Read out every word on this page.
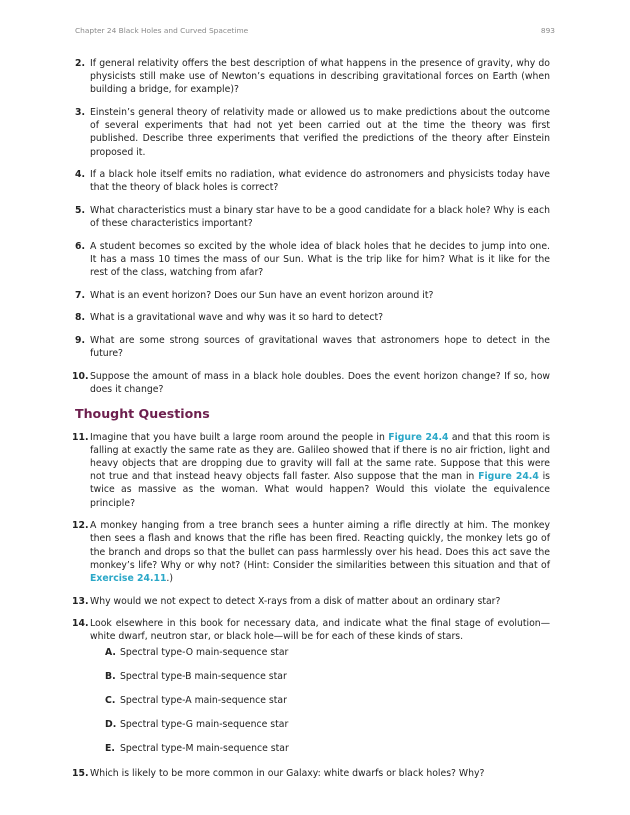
Chapter 24 Black Holes and Curved Spacetime	893
2. If general relativity offers the best description of what happens in the presence of gravity, why do physicists still make use of Newton’s equations in describing gravitational forces on Earth (when building a bridge, for example)?
3. Einstein’s general theory of relativity made or allowed us to make predictions about the outcome of several experiments that had not yet been carried out at the time the theory was first published. Describe three experiments that verified the predictions of the theory after Einstein proposed it.
4. If a black hole itself emits no radiation, what evidence do astronomers and physicists today have that the theory of black holes is correct?
5. What characteristics must a binary star have to be a good candidate for a black hole? Why is each of these characteristics important?
6. A student becomes so excited by the whole idea of black holes that he decides to jump into one. It has a mass 10 times the mass of our Sun. What is the trip like for him? What is it like for the rest of the class, watching from afar?
7. What is an event horizon? Does our Sun have an event horizon around it?
8. What is a gravitational wave and why was it so hard to detect?
9. What are some strong sources of gravitational waves that astronomers hope to detect in the future?
10. Suppose the amount of mass in a black hole doubles. Does the event horizon change? If so, how does it change?
Thought Questions
11. Imagine that you have built a large room around the people in Figure 24.4 and that this room is falling at exactly the same rate as they are. Galileo showed that if there is no air friction, light and heavy objects that are dropping due to gravity will fall at the same rate. Suppose that this were not true and that instead heavy objects fall faster. Also suppose that the man in Figure 24.4 is twice as massive as the woman. What would happen? Would this violate the equivalence principle?
12. A monkey hanging from a tree branch sees a hunter aiming a rifle directly at him. The monkey then sees a flash and knows that the rifle has been fired. Reacting quickly, the monkey lets go of the branch and drops so that the bullet can pass harmlessly over his head. Does this act save the monkey’s life? Why or why not? (Hint: Consider the similarities between this situation and that of Exercise 24.11.)
13. Why would we not expect to detect X-rays from a disk of matter about an ordinary star?
14. Look elsewhere in this book for necessary data, and indicate what the final stage of evolution—white dwarf, neutron star, or black hole—will be for each of these kinds of stars.
A. Spectral type-O main-sequence star
B. Spectral type-B main-sequence star
C. Spectral type-A main-sequence star
D. Spectral type-G main-sequence star
E. Spectral type-M main-sequence star
15. Which is likely to be more common in our Galaxy: white dwarfs or black holes? Why?
